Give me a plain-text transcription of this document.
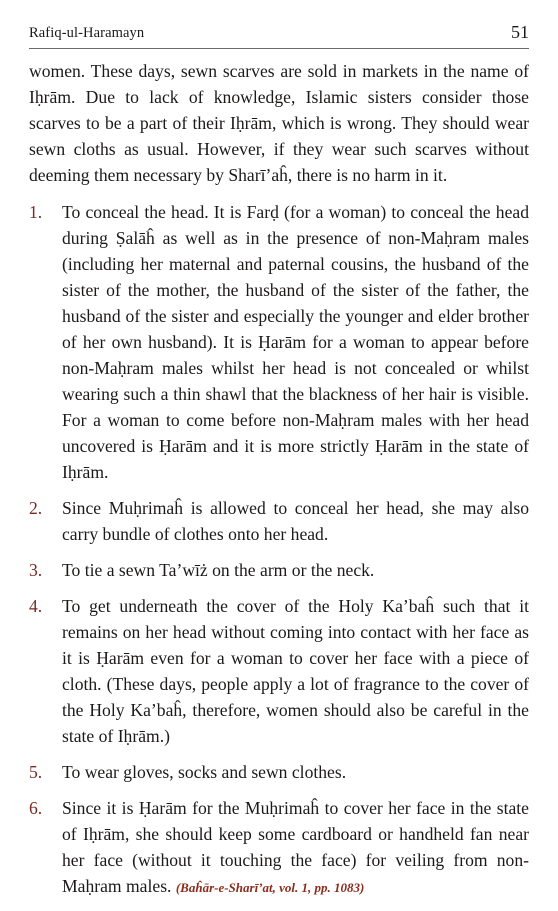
Rafiq-ul-Haramayn	51

women. These days, sewn scarves are sold in markets in the name of Iḥrām. Due to lack of knowledge, Islamic sisters consider those scarves to be a part of their Iḥrām, which is wrong. They should wear sewn cloths as usual. However, if they wear such scarves without deeming them necessary by Sharī’aĥ, there is no harm in it.

1. To conceal the head. It is Farḍ (for a woman) to conceal the head during Ṣalāĥ as well as in the presence of non-Maḥram males (including her maternal and paternal cousins, the husband of the sister of the mother, the husband of the sister of the father, the husband of the sister and especially the younger and elder brother of her own husband). It is Ḥarām for a woman to appear before non-Maḥram males whilst her head is not concealed or whilst wearing such a thin shawl that the blackness of her hair is visible. For a woman to come before non-Maḥram males with her head uncovered is Ḥarām and it is more strictly Ḥarām in the state of Iḥrām.
2. Since Muḥrimaĥ is allowed to conceal her head, she may also carry bundle of clothes onto her head.
3. To tie a sewn Ta’wīż on the arm or the neck.
4. To get underneath the cover of the Holy Ka’baĥ such that it remains on her head without coming into contact with her face as it is Ḥarām even for a woman to cover her face with a piece of cloth. (These days, people apply a lot of fragrance to the cover of the Holy Ka’baĥ, therefore, women should also be careful in the state of Iḥrām.)
5. To wear gloves, socks and sewn clothes.
6. Since it is Ḥarām for the Muḥrimaĥ to cover her face in the state of Iḥrām, she should keep some cardboard or handheld fan near her face (without it touching the face) for veiling from non-Maḥram males. (Baĥār-e-Sharī’at, vol. 1, pp. 1083)
